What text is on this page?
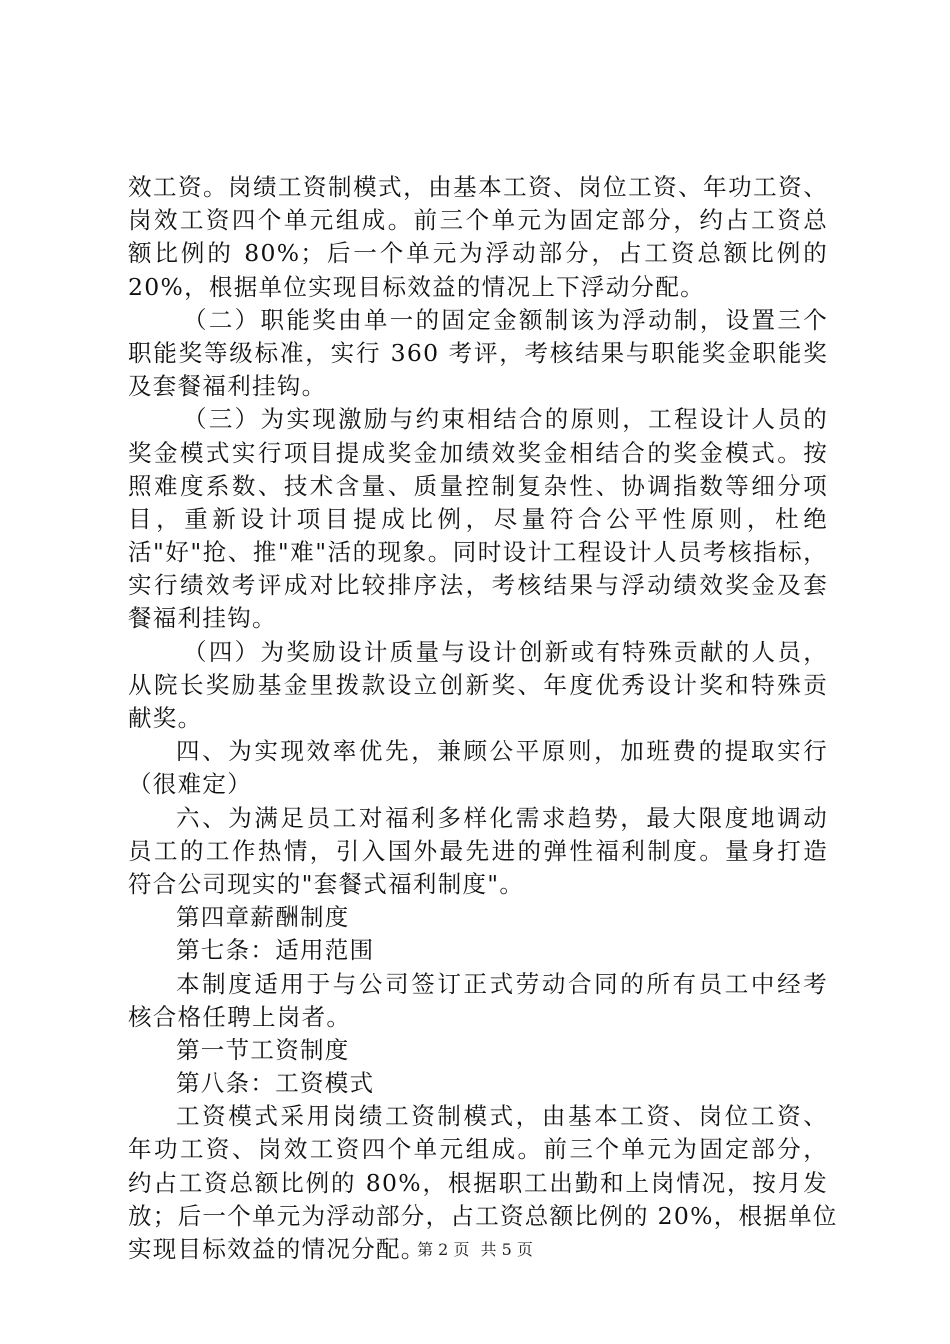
效工资。岗绩工资制模式，由基本工资、岗位工资、年功工资、
岗效工资四个单元组成。前三个单元为固定部分，约占工资总
额比例的 80%；后一个单元为浮动部分，占工资总额比例的
20%，根据单位实现目标效益的情况上下浮动分配。
（二）职能奖由单一的固定金额制该为浮动制，设置三个
职能奖等级标准，实行 360 考评，考核结果与职能奖金职能奖
及套餐福利挂钩。
（三）为实现激励与约束相结合的原则，工程设计人员的
奖金模式实行项目提成奖金加绩效奖金相结合的奖金模式。按
照难度系数、技术含量、质量控制复杂性、协调指数等细分项
目，重新设计项目提成比例，尽量符合公平性原则，杜绝
活"好"抢、推"难"活的现象。同时设计工程设计人员考核指标，
实行绩效考评成对比较排序法，考核结果与浮动绩效奖金及套
餐福利挂钩。
（四）为奖励设计质量与设计创新或有特殊贡献的人员，
从院长奖励基金里拨款设立创新奖、年度优秀设计奖和特殊贡
献奖。
四、为实现效率优先，兼顾公平原则，加班费的提取实行
（很难定）
六、为满足员工对福利多样化需求趋势，最大限度地调动
员工的工作热情，引入国外最先进的弹性福利制度。量身打造
符合公司现实的"套餐式福利制度"。
第四章薪酬制度
第七条：适用范围
本制度适用于与公司签订正式劳动合同的所有员工中经考
核合格任聘上岗者。
第一节工资制度
第八条：工资模式
工资模式采用岗绩工资制模式，由基本工资、岗位工资、
年功工资、岗效工资四个单元组成。前三个单元为固定部分，
约占工资总额比例的 80%，根据职工出勤和上岗情况，按月发
放；后一个单元为浮动部分，占工资总额比例的 20%，根据单位
实现目标效益的情况分配。
第 2 页 共 5 页
